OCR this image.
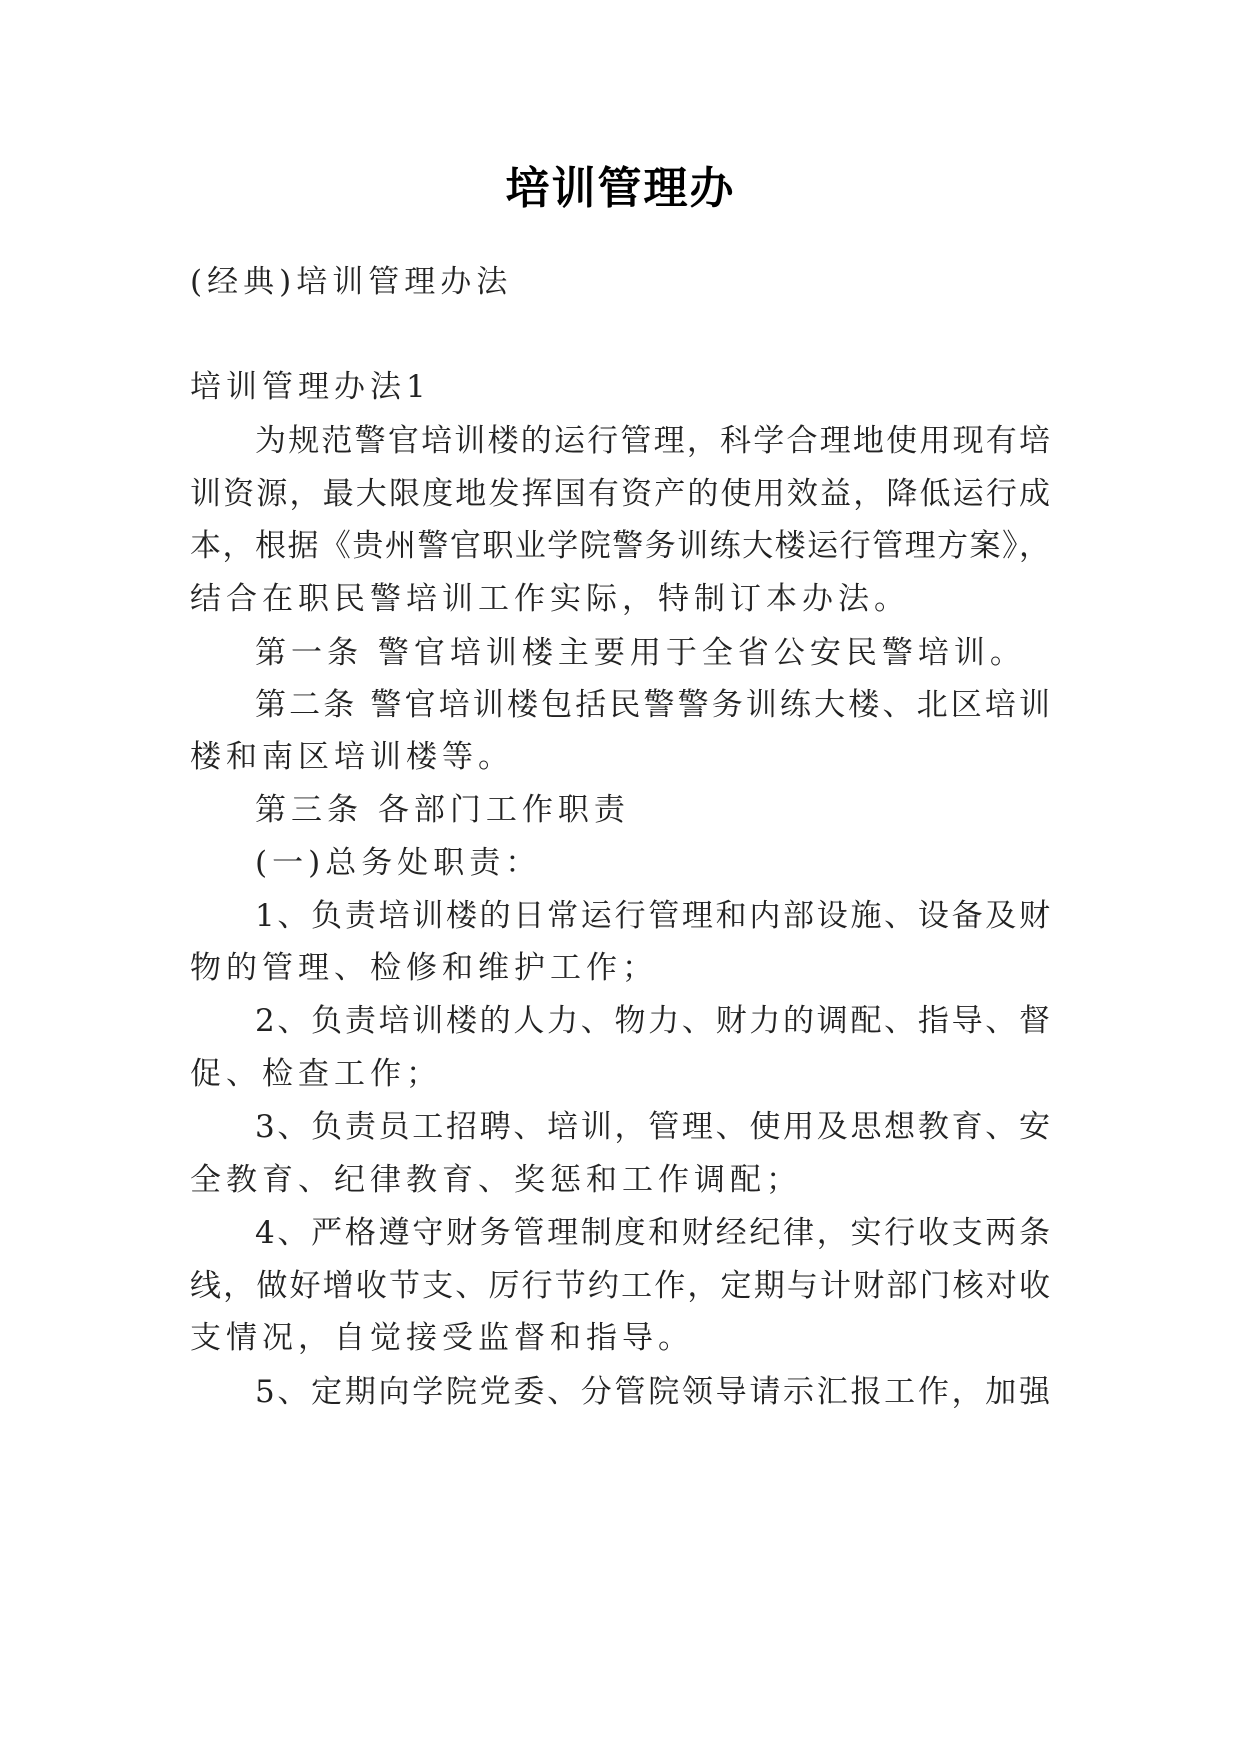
培训管理办
(经典)培训管理办法
培训管理办法1
为规范警官培训楼的运行管理，科学合理地使用现有培
训资源，最大限度地发挥国有资产的使用效益，降低运行成
本，根据《贵州警官职业学院警务训练大楼运行管理方案》，
结合在职民警培训工作实际，特制订本办法。
第一条 警官培训楼主要用于全省公安民警培训。
第二条 警官培训楼包括民警警务训练大楼、北区培训
楼和南区培训楼等。
第三条 各部门工作职责
(一)总务处职责：
1、负责培训楼的日常运行管理和内部设施、设备及财
物的管理、检修和维护工作；
2、负责培训楼的人力、物力、财力的调配、指导、督
促、检查工作；
3、负责员工招聘、培训，管理、使用及思想教育、安
全教育、纪律教育、奖惩和工作调配；
4、严格遵守财务管理制度和财经纪律，实行收支两条
线，做好增收节支、厉行节约工作，定期与计财部门核对收
支情况，自觉接受监督和指导。
5、定期向学院党委、分管院领导请示汇报工作，加强
